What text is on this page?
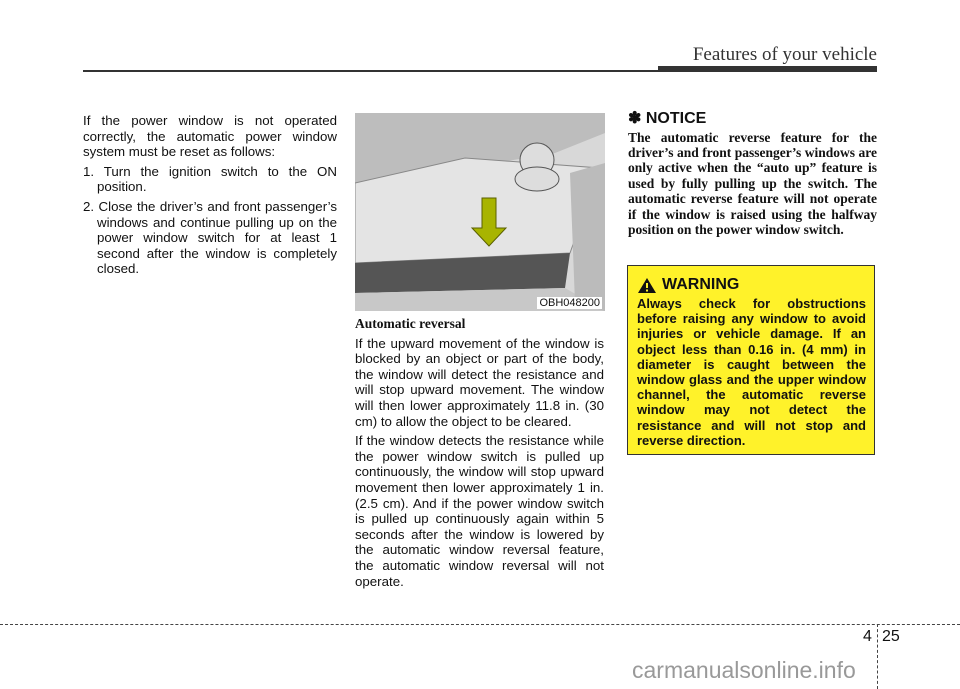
Features of your vehicle

If the power window is not operated correctly, the automatic power window system must be reset as follows:

1. Turn the ignition switch to the ON position.

2. Close the driver’s and front passenger’s windows and continue pulling up on the power window switch for at least 1 second after the window is completely closed.

OBH048200

Automatic reversal

If the upward movement of the window is blocked by an object or part of the body, the window will detect the resistance and will stop upward movement. The window will then lower approximately 11.8 in. (30 cm) to allow the object to be cleared.

If the window detects the resistance while the power window switch is pulled up continuously, the window will stop upward movement then lower approximately 1 in. (2.5 cm). And if the power window switch is pulled up continuously again within 5 seconds after the window is lowered by the automatic window reversal feature, the automatic window reversal will not operate.

✽ NOTICE
The automatic reverse feature for the driver’s and front passenger’s windows are only active when the “auto up” feature is used by fully pulling up the switch. The automatic reverse feature will not operate if the window is raised using the halfway position on the power window switch.
WARNING
Always check for obstructions before raising any window to avoid injuries or vehicle damage. If an object less than 0.16 in. (4 mm) in diameter is caught between the window glass and the upper window channel, the automatic reverse window may not detect the resistance and will not stop and reverse direction.
4 25
carmanualsonline.info
